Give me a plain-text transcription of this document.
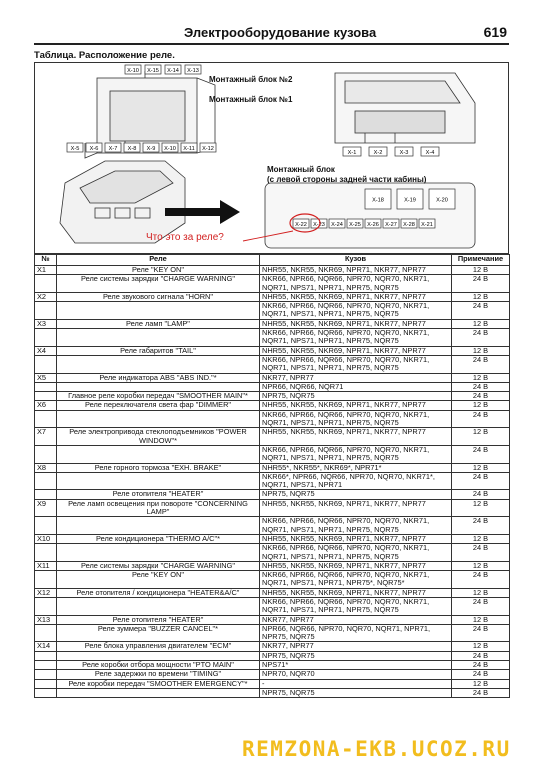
Электрооборудование кузова	619
Таблица. Расположение реле.
X-10 X-15 X-14 X-13
X-5 X-6 X-7 X-8 X-9 X-10 X-11 X-12
X-1	X-2	X-3	X-4
X-22 X-23 X-24 X-25 X-26 X-27 X-28 X-21
X-18	X-19	X-20
Монтажный блок №2
Монтажный блок №1
Монтажный блок
(с левой стороны задней части кабины)
Что это за реле?
№	Реле	Кузов	Примечание
X1	Реле "KEY ON"	NHR55, NKR55, NKR69, NPR71, NKR77, NPR77	12 В
	Реле системы зарядки "CHARGE WARNING"	NKR66, NPR66, NQR66, NPR70, NQR70, NKR71, NQR71, NPS71, NPR71, NPR75, NQR75	24 В
X2	Реле звукового сигнала "HORN"	NHR55, NKR55, NKR69, NPR71, NKR77, NPR77	12 В
		NKR66, NPR66, NQR66, NPR70, NQR70, NKR71, NQR71, NPS71, NPR71, NPR75, NQR75	24 В
X3	Реле ламп "LAMP"	NHR55, NKR55, NKR69, NPR71, NKR77, NPR77	12 В
		NKR66, NPR66, NQR66, NPR70, NQR70, NKR71, NQR71, NPS71, NPR71, NPR75, NQR75	24 В
X4	Реле габаритов "TAIL"	NHR55, NKR55, NKR69, NPR71, NKR77, NPR77	12 В
		NKR66, NPR66, NQR66, NPR70, NQR70, NKR71, NQR71, NPS71, NPR71, NPR75, NQR75	24 В
X5	Реле индикатора ABS "ABS IND."*	NKR77, NPR77	12 В
		NPR66, NQR66, NQR71	24 В
	Главное реле коробки передач "SMOOTHER MAIN"*	NPR75, NQR75	24 В
X6	Реле переключателя света фар "DIMMER"	NHR55, NKR55, NKR69, NPR71, NKR77, NPR77	12 В
		NKR66, NPR66, NQR66, NPR70, NQR70, NKR71, NQR71, NPS71, NPR71, NPR75, NQR75	24 В
X7	Реле электропривода стеклоподъемников "POWER WINDOW"*	NHR55, NKR55, NKR69, NPR71, NKR77, NPR77	12 В
		NKR66, NPR66, NQR66, NPR70, NQR70, NKR71, NQR71, NPS71, NPR71, NPR75, NQR75	24 В
X8	Реле горного тормоза "EXH. BRAKE"	NHR55*, NKR55*, NKR69*, NPR71*	12 В
		NKR66*, NPR66, NQR66, NPR70, NQR70, NKR71*, NQR71, NPS71, NPR71	24 В
	Реле отопителя "HEATER"	NPR75, NQR75	24 В
X9	Реле ламп освещения при повороте "CONCERNING LAMP"	NHR55, NKR55, NKR69, NPR71, NKR77, NPR77	12 В
		NKR66, NPR66, NQR66, NPR70, NQR70, NKR71, NQR71, NPS71, NPR71, NPR75, NQR75	24 В
X10	Реле кондиционера "THERMO A/C"*	NHR55, NKR55, NKR69, NPR71, NKR77, NPR77	12 В
		NKR66, NPR66, NQR66, NPR70, NQR70, NKR71, NQR71, NPS71, NPR71, NPR75, NQR75	24 В
X11	Реле системы зарядки "CHARGE WARNING"	NHR55, NKR55, NKR69, NPR71, NKR77, NPR77	12 В
	Реле "KEY ON"	NKR66, NPR66, NQR66, NPR70, NQR70, NKR71, NQR71, NPS71, NPR71, NPR75*, NQR75*	24 В
X12	Реле отопителя / кондиционера "HEATER&A/C"	NHR55, NKR55, NKR69, NPR71, NKR77, NPR77	12 В
		NKR66, NPR66, NQR66, NPR70, NQR70, NKR71, NQR71, NPS71, NPR71, NPR75, NQR75	24 В
X13	Реле отопителя "HEATER"	NKR77, NPR77	12 В
	Реле зуммера "BUZZER CANCEL"*	NPR66, NQR66, NPR70, NQR70, NQR71, NPR71, NPR75, NQR75	24 В
X14	Реле блока управления двигателем "ECM"	NKR77, NPR77	12 В
		NPR75, NQR75	24 В
	Реле коробки отбора мощности "PTO MAIN"	NPS71*	24 В
	Реле задержки по времени "TIMING"	NPR70, NQR70	24 В
	Реле коробки передач "SMOOTHER EMERGENCY"*	-	12 В
		NPR75, NQR75	24 В
REMZONA-EKB.UCOZ.RU
